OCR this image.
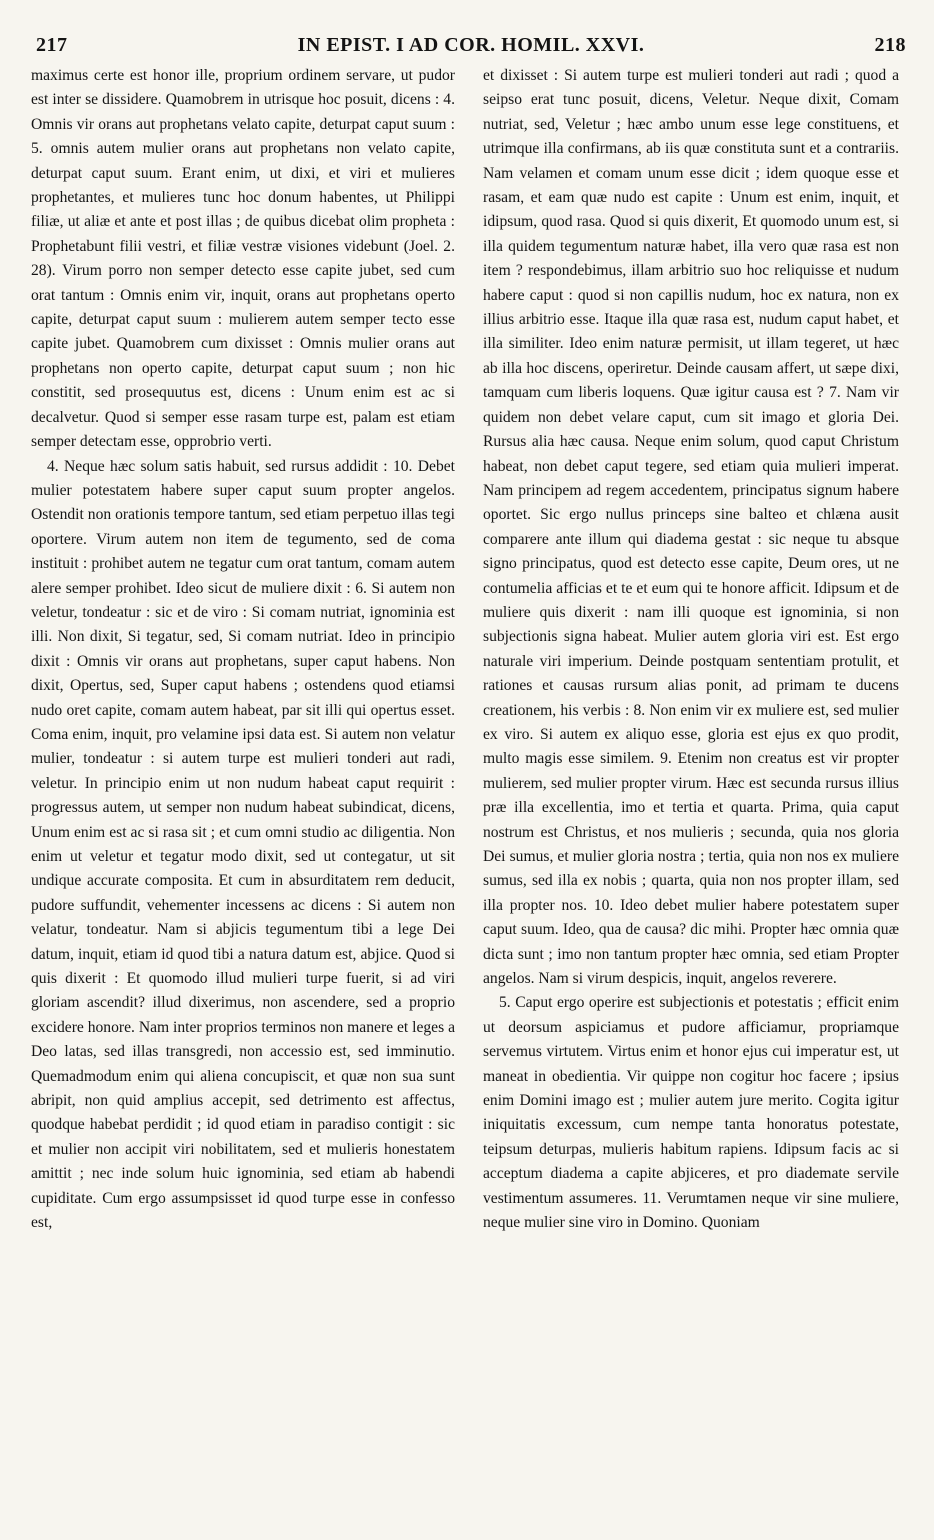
217	IN EPIST. I AD COR. HOMIL. XXVI.	218

maximus certe est honor ille, proprium ordinem servare, ut pudor est inter se dissidere. Quamobrem in utrisque hoc posuit, dicens : 4. Omnis vir orans aut prophetans velato capite, deturpat caput suum : 5. omnis autem mulier orans aut prophetans non velato capite, deturpat caput suum. Erant enim, ut dixi, et viri et mulieres prophetantes, et mulieres tunc hoc donum habentes, ut Philippi filiæ, ut aliæ et ante et post illas ; de quibus dicebat olim propheta : Prophetabunt filii vestri, et filiæ vestræ visiones videbunt (Joel. 2. 28). Virum porro non semper detecto esse capite jubet, sed cum orat tantum : Omnis enim vir, inquit, orans aut prophetans operto capite, deturpat caput suum : mulierem autem semper tecto esse capite jubet. Quamobrem cum dixisset : Omnis mulier orans aut prophetans non operto capite, deturpat caput suum ; non hic constitit, sed prosequutus est, dicens : Unum enim est ac si decalvetur. Quod si semper esse rasam turpe est, palam est etiam semper detectam esse, opprobrio verti.

4. Neque hæc solum satis habuit, sed rursus addidit : 10. Debet mulier potestatem habere super caput suum propter angelos. Ostendit non orationis tempore tantum, sed etiam perpetuo illas tegi oportere. Virum autem non item de tegumento, sed de coma instituit : prohibet autem ne tegatur cum orat tantum, comam autem alere semper prohibet. Ideo sicut de muliere dixit : 6. Si autem non veletur, tondeatur : sic et de viro : Si comam nutriat, ignominia est illi. Non dixit, Si tegatur, sed, Si comam nutriat. Ideo in principio dixit : Omnis vir orans aut prophetans, super caput habens. Non dixit, Opertus, sed, Super caput habens ; ostendens quod etiamsi nudo oret capite, comam autem habeat, par sit illi qui opertus esset. Coma enim, inquit, pro velamine ipsi data est. Si autem non velatur mulier, tondeatur : si autem turpe est mulieri tonderi aut radi, veletur. In principio enim ut non nudum habeat caput requirit : progressus autem, ut semper non nudum habeat subindicat, dicens, Unum enim est ac si rasa sit ; et cum omni studio ac diligentia. Non enim ut veletur et tegatur modo dixit, sed ut contegatur, ut sit undique accurate composita. Et cum in absurditatem rem deducit, pudore suffundit, vehementer incessens ac dicens : Si autem non velatur, tondeatur. Nam si abjicis tegumentum tibi a lege Dei datum, inquit, etiam id quod tibi a natura datum est, abjice. Quod si quis dixerit : Et quomodo illud mulieri turpe fuerit, si ad viri gloriam ascendit? illud dixerimus, non ascendere, sed a proprio excidere honore. Nam inter proprios terminos non manere et leges a Deo latas, sed illas transgredi, non accessio est, sed imminutio. Quemadmodum enim qui aliena concupiscit, et quæ non sua sunt abripit, non quid amplius accepit, sed detrimento est affectus, quodque habebat perdidit ; id quod etiam in paradiso contigit : sic et mulier non accipit viri nobilitatem, sed et mulieris honestatem amittit ; nec inde solum huic ignominia, sed etiam ab habendi cupiditate. Cum ergo assumpsisset id quod turpe esse in confesso est,

et dixisset : Si autem turpe est mulieri tonderi aut radi ; quod a seipso erat tunc posuit, dicens, Veletur. Neque dixit, Comam nutriat, sed, Veletur ; hæc ambo unum esse lege constituens, et utrimque illa confirmans, ab iis quæ constituta sunt et a contrariis. Nam velamen et comam unum esse dicit ; idem quoque esse et rasam, et eam quæ nudo est capite : Unum est enim, inquit, et idipsum, quod rasa. Quod si quis dixerit, Et quomodo unum est, si illa quidem tegumentum naturæ habet, illa vero quæ rasa est non item ? respondebimus, illam arbitrio suo hoc reliquisse et nudum habere caput : quod si non capillis nudum, hoc ex natura, non ex illius arbitrio esse. Itaque illa quæ rasa est, nudum caput habet, et illa similiter. Ideo enim naturæ permisit, ut illam tegeret, ut hæc ab illa hoc discens, operiretur. Deinde causam affert, ut sæpe dixi, tamquam cum liberis loquens. Quæ igitur causa est ? 7. Nam vir quidem non debet velare caput, cum sit imago et gloria Dei. Rursus alia hæc causa. Neque enim solum, quod caput Christum habeat, non debet caput tegere, sed etiam quia mulieri imperat. Nam principem ad regem accedentem, principatus signum habere oportet. Sic ergo nullus princeps sine balteo et chlæna ausit comparere ante illum qui diadema gestat : sic neque tu absque signo principatus, quod est detecto esse capite, Deum ores, ut ne contumelia afficias et te et eum qui te honore afficit. Idipsum et de muliere quis dixerit : nam illi quoque est ignominia, si non subjectionis signa habeat. Mulier autem gloria viri est. Est ergo naturale viri imperium. Deinde postquam sententiam protulit, et rationes et causas rursum alias ponit, ad primam te ducens creationem, his verbis : 8. Non enim vir ex muliere est, sed mulier ex viro. Si autem ex aliquo esse, gloria est ejus ex quo prodit, multo magis esse similem. 9. Etenim non creatus est vir propter mulierem, sed mulier propter virum. Hæc est secunda rursus illius præ illa excellentia, imo et tertia et quarta. Prima, quia caput nostrum est Christus, et nos mulieris ; secunda, quia nos gloria Dei sumus, et mulier gloria nostra ; tertia, quia non nos ex muliere sumus, sed illa ex nobis ; quarta, quia non nos propter illam, sed illa propter nos. 10. Ideo debet mulier habere potestatem super caput suum. Ideo, qua de causa? dic mihi. Propter hæc omnia quæ dicta sunt ; imo non tantum propter hæc omnia, sed etiam Propter angelos. Nam si virum despicis, inquit, angelos reverere.

5. Caput ergo operire est subjectionis et potestatis ; efficit enim ut deorsum aspiciamus et pudore afficiamur, propriamque servemus virtutem. Virtus enim et honor ejus cui imperatur est, ut maneat in obedientia. Vir quippe non cogitur hoc facere ; ipsius enim Domini imago est ; mulier autem jure merito. Cogita igitur iniquitatis excessum, cum nempe tanta honoratus potestate, teipsum deturpas, mulieris habitum rapiens. Idipsum facis ac si acceptum diadema a capite abjiceres, et pro diademate servile vestimentum assumeres. 11. Verumtamen neque vir sine muliere, neque mulier sine viro in Domino. Quoniam
